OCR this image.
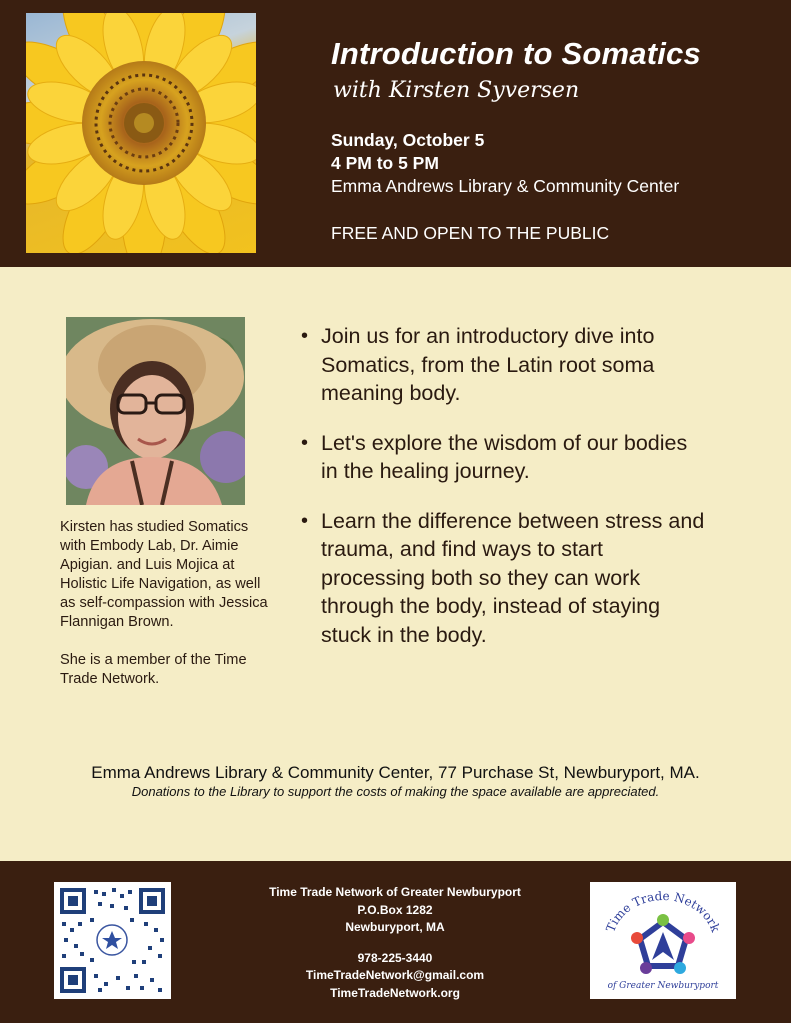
Introduction to Somatics
with Kirsten Syversen
Sunday, October 5
4 PM to 5 PM
Emma Andrews Library & Community Center
FREE AND OPEN TO THE PUBLIC

Kirsten has studied Somatics with Embody Lab, Dr. Aimie Apigian. and Luis Mojica at Holistic Life Navigation, as well as self-compassion with Jessica Flannigan Brown.

She is a member of the Time Trade Network.

• Join us for an introductory dive into Somatics, from the Latin root soma meaning body.
• Let's explore the wisdom of our bodies in the healing journey.
• Learn the difference between stress and trauma, and find ways to start processing both so they can work through the body, instead of staying stuck in the body.
Emma Andrews Library & Community Center, 77 Purchase St, Newburyport, MA.
Donations to the Library to support the costs of making the space available are appreciated.
Time Trade Network of Greater Newburyport
P.O.Box 1282
Newburyport, MA
978-225-3440
TimeTradeNetwork@gmail.com
TimeTradeNetwork.org
Time Trade Network
of Greater Newburyport
